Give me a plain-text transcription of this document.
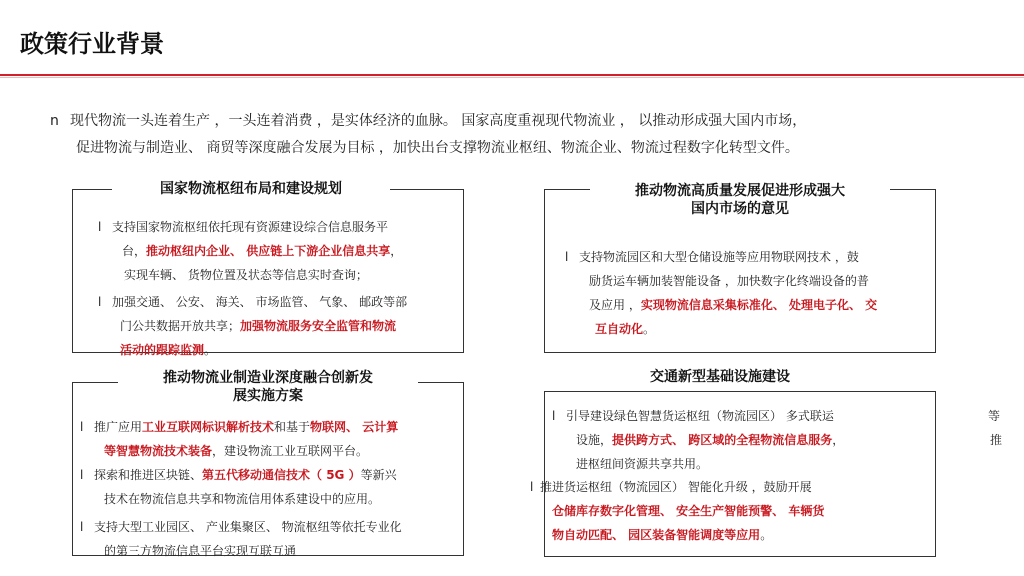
政策行业背景
n 现代物流一头连着生产 ，一头连着消费 ，是实体经济的血脉。 国家高度重视现代物流业 ， 以推动形成强大国内市场，
促进物流与制造业、 商贸等深度融合发展为目标 ，加快出台支撑物流业枢纽、物流企业、物流过程数字化转型文件。
国家物流枢纽布局和建设规划
l 支持国家物流枢纽依托现有资源建设综合信息服务平
台，推动枢纽内企业、 供应链上下游企业信息共享，
实现车辆、 货物位置及状态等信息实时查询；
l 加强交通、 公安、 海关、 市场监管、 气象、 邮政等部
门公共数据开放共享；加强物流服务安全监管和物流
活动的跟踪监测。
推动物流高质量发展促进形成强大
国内市场的意见
l 支持物流园区和大型仓储设施等应用物联网技术 ，鼓
励货运车辆加装智能设备 ，加快数字化终端设备的普
及应用 ，实现物流信息采集标准化、 处理电子化、 交
互自动化。
推动物流业制造业深度融合创新发
展实施方案
l 推广应用工业互联网标识解析技术和基于物联网、 云计算
等智慧物流技术装备，建设物流工业互联网平台。
l 探索和推进区块链、第五代移动通信技术（ 5G ）等新兴
技术在物流信息共享和物流信用体系建设中的应用。
l 支持大型工业园区、 产业集聚区、 物流枢纽等依托专业化
的第三方物流信息平台实现互联互通
交通新型基础设施建设
l 引导建设绿色智慧货运枢纽（物流园区） 多式联运	等
设施，提供跨方式、 跨区域的全程物流信息服务，	推
进枢纽间资源共享共用。
l 推进货运枢纽（物流园区） 智能化升级 ，鼓励开展
仓储库存数字化管理、 安全生产智能预警、 车辆货
物自动匹配、 园区装备智能调度等应用。
